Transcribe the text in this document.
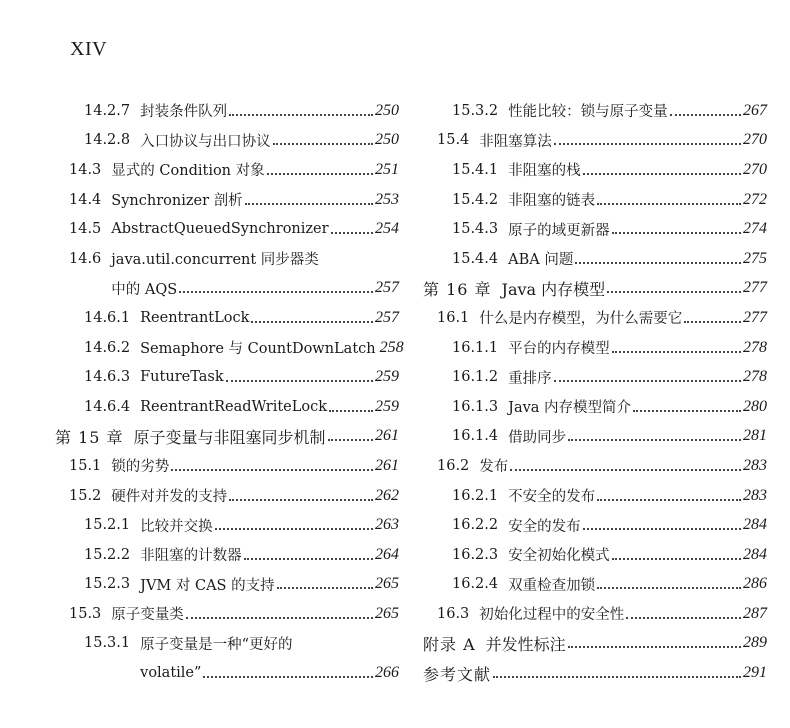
XIV
14.2.7 封装条件队列	250
14.2.8 入口协议与出口协议	250
14.3 显式的 Condition 对象	251
14.4 Synchronizer 剖析	253
14.5 AbstractQueuedSynchronizer	254
14.6 java.util.concurrent 同步器类
中的 AQS	257
14.6.1 ReentrantLock	257
14.6.2 Semaphore 与 CountDownLatch 258
14.6.3 FutureTask	259
14.6.4 ReentrantReadWriteLock	259
第 15 章 原子变量与非阻塞同步机制	261
15.1 锁的劣势	261
15.2 硬件对并发的支持	262
15.2.1 比较并交换	263
15.2.2 非阻塞的计数器	264
15.2.3 JVM 对 CAS 的支持	265
15.3 原子变量类	265
15.3.1 原子变量是一种“更好的
volatile”	266
15.3.2 性能比较：锁与原子变量	267
15.4 非阻塞算法	270
15.4.1 非阻塞的栈	270
15.4.2 非阻塞的链表	272
15.4.3 原子的域更新器	274
15.4.4 ABA 问题	275
第 16 章 Java 内存模型	277
16.1 什么是内存模型，为什么需要它	277
16.1.1 平台的内存模型	278
16.1.2 重排序	278
16.1.3 Java 内存模型简介	280
16.1.4 借助同步	281
16.2 发布	283
16.2.1 不安全的发布	283
16.2.2 安全的发布	284
16.2.3 安全初始化模式	284
16.2.4 双重检查加锁	286
16.3 初始化过程中的安全性	287
附录 A 并发性标注	289
参考文献	291
